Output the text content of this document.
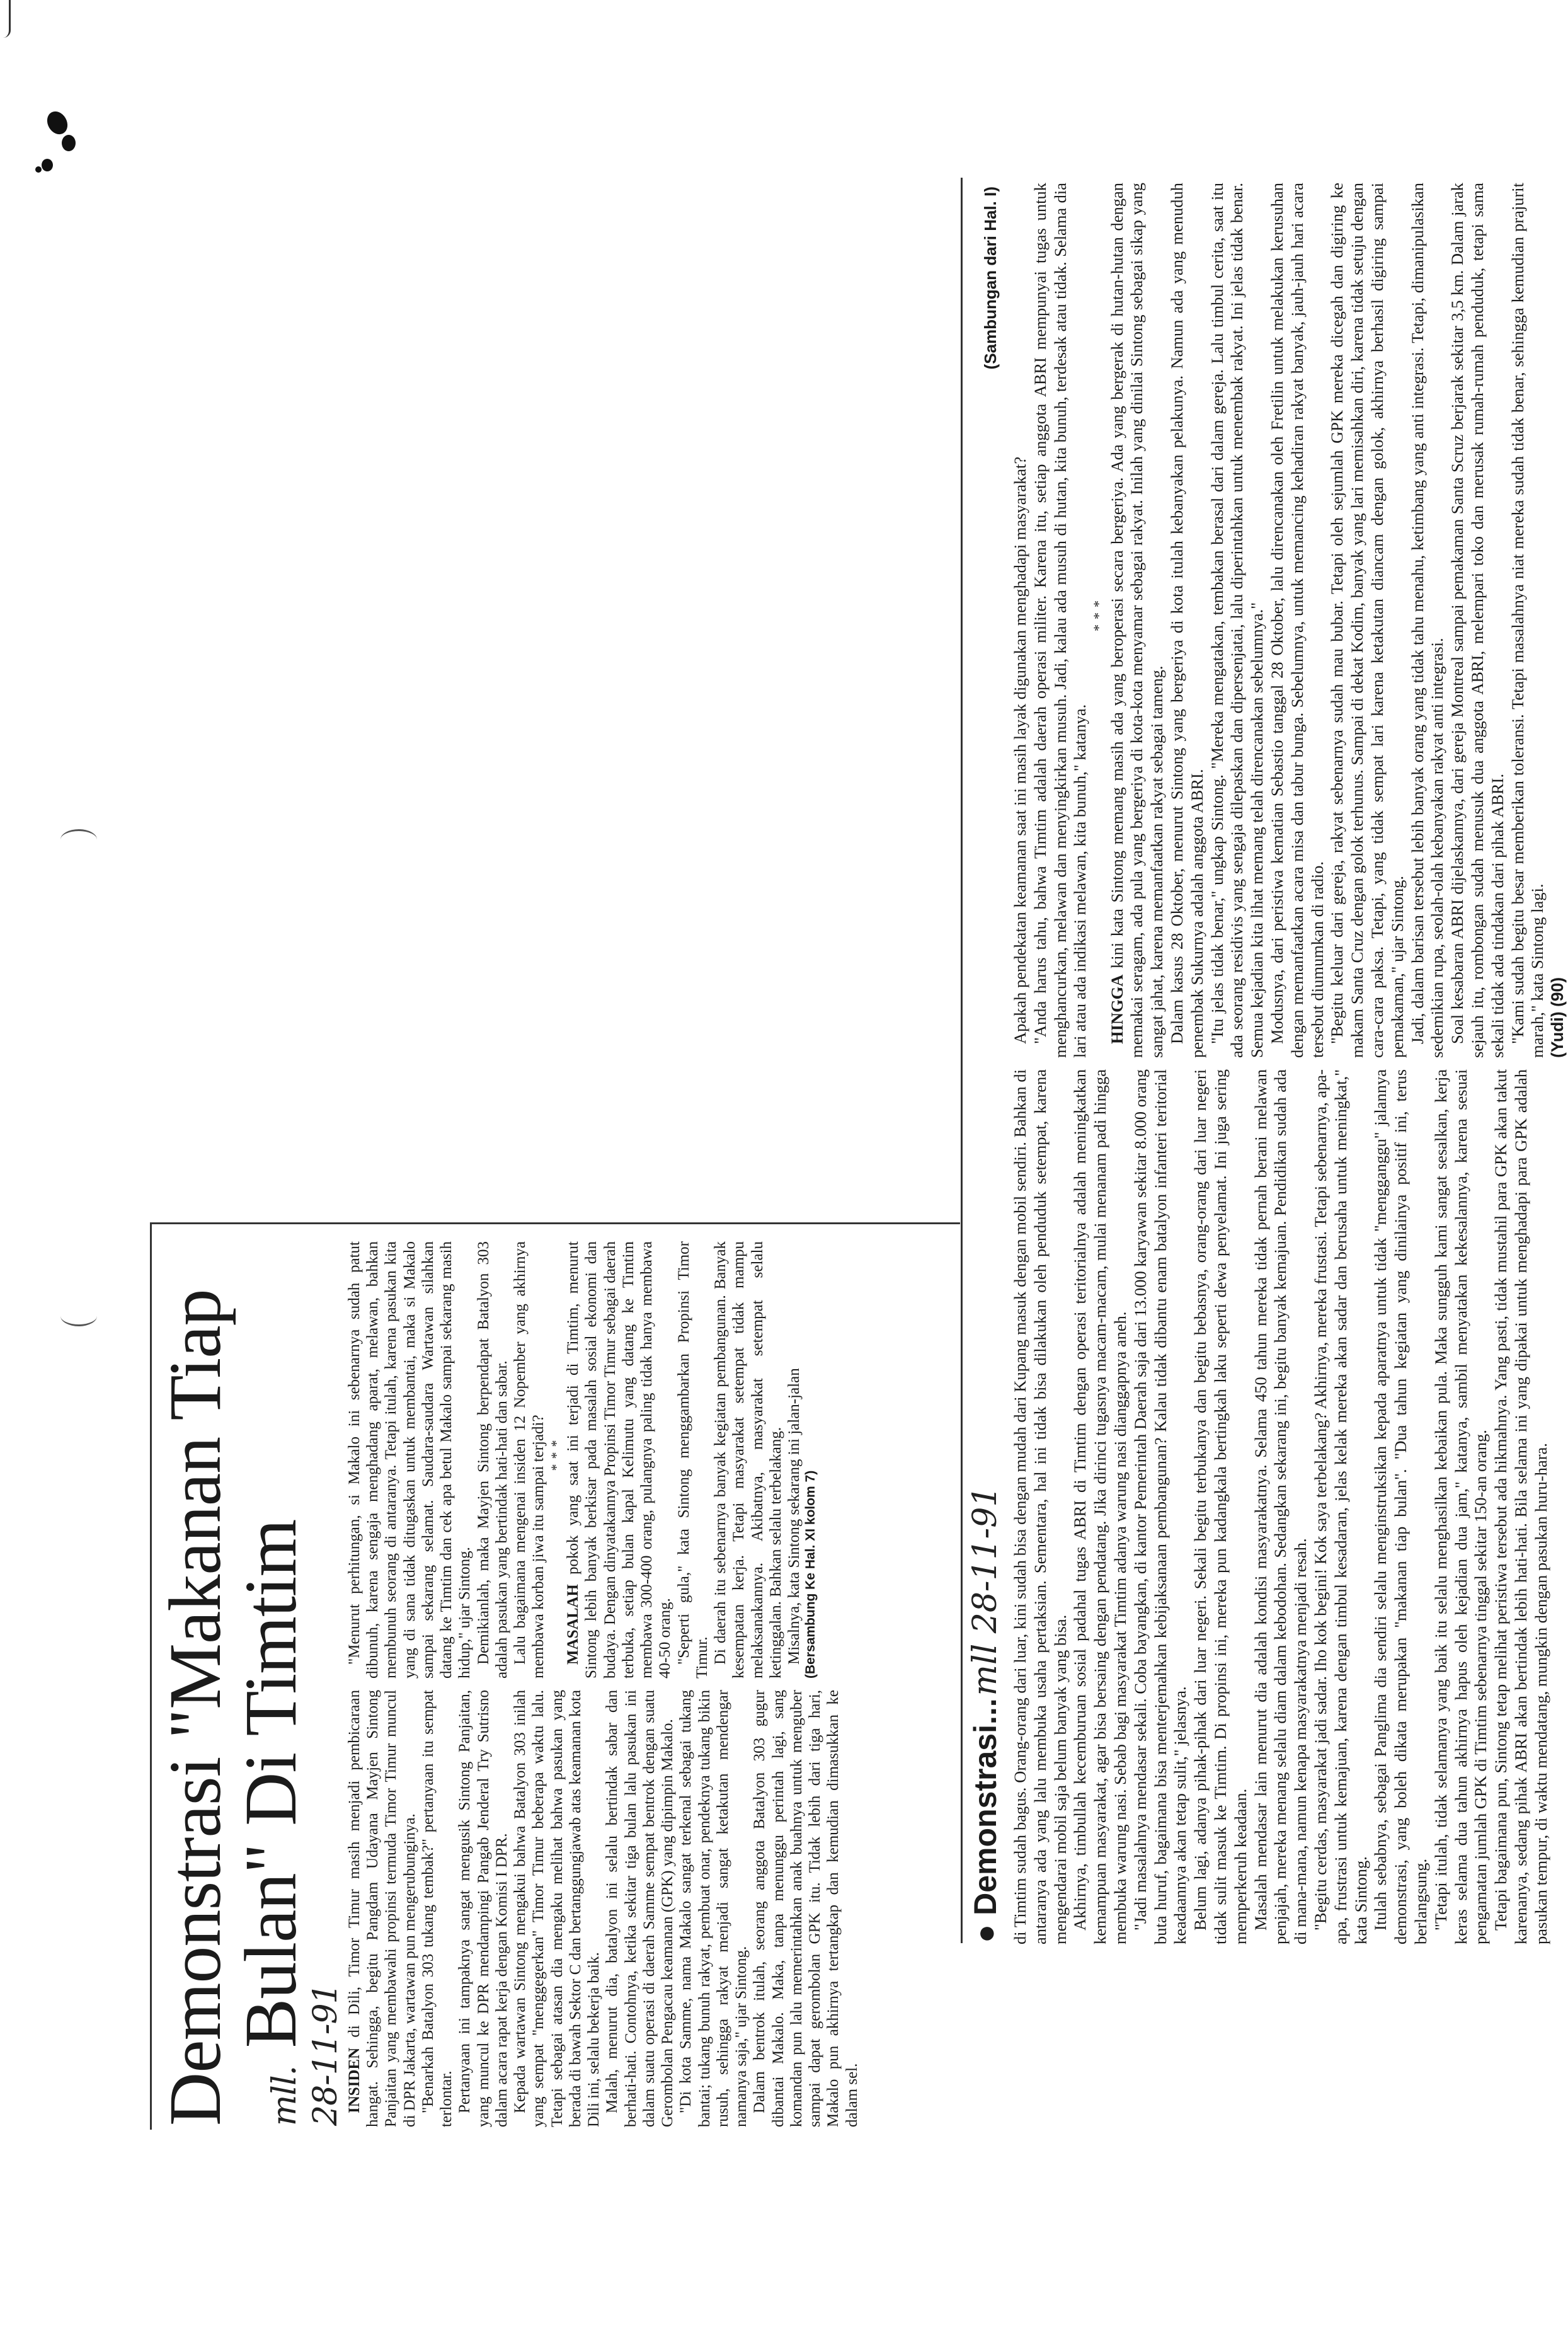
Demonstrasi "Makanan Tiap mll. Bulan" Di Timtim
28-11-91 INSIDEN di Dili, Timor Timur masih menjadi pembicaraan hangat. Sehingga, begitu Pangdam Udayana Mayjen Sintong Panjaitan yang membawahi propinsi termuda Timor Timur muncul di DPR Jakarta, wartawan pun mengerubunginya. "Benarkah Batalyon 303 tukang tembak?" pertanyaan itu sempat terlontar. Pertanyaan ini tampaknya sangat mengusik Sintong Panjaitan, yang muncul ke DPR mendampingi Pangab Jenderal Try Sutrisno dalam acara rapat kerja dengan Komisi I DPR. Kepada wartawan Sintong mengakui bahwa Batalyon 303 inilah yang sempat "menggegerkan" Timor Timur beberapa waktu lalu. Tetapi sebagai atasan dia mengaku melihat bahwa pasukan yang berada di bawah Sektor C dan bertanggungjawab atas keamanan kota Dili ini, selalu bekerja baik. Malah, menurut dia, batalyon ini selalu bertindak sabar dan berhati-hati. Contohnya, ketika sekitar tiga bulan lalu pasukan ini dalam suatu operasi di daerah Samme sempat bentrok dengan suatu Gerombolan Pengacau keamanan (GPK) yang dipimpin Makalo. "Di kota Samme, nama Makalo sangat terkenal sebagai tukang bantai; tukang bunuh rakyat, pembuat onar, pendeknya tukang bikin rusuh, sehingga rakyat menjadi sangat ketakutan mendengar namanya saja," ujar Sintong. Dalam bentrok itulah, seorang anggota Batalyon 303 gugur dibantai Makalo. Maka, tanpa menunggu perintah lagi, sang komandan pun lalu memerintahkan anak buahnya untuk menguber sampai dapat gerombolan GPK itu. Tidak lebih dari tiga hari, Makalo pun akhirnya tertangkap dan kemudian dimasukkan ke dalam sel.

"Menurut perhitungan, si Makalo ini sebenarnya sudah patut dibunuh, karena sengaja menghadang aparat, melawan, bahkan membunuh seorang di antaranya. Tetapi itulah, karena pasukan kita yang di sana tidak ditugaskan untuk membantai, maka si Makalo sampai sekarang selamat. Saudara-saudara Wartawan silahkan datang ke Timtim dan cek apa betul Makalo sampai sekarang masih hidup," ujar Sintong. Demikianlah, maka Mayjen Sintong berpendapat Batalyon 303 adalah pasukan yang bertindak hati-hati dan sabar. Lalu bagaimana mengenai insiden 12 Nopember yang akhirnya membawa korban jiwa itu sampai terjadi? ***

MASALAH pokok yang saat ini terjadi di Timtim, menurut Sintong lebih banyak berkisar pada masalah sosial ekonomi dan budaya. Dengan dinyatakannya Propinsi Timor Timur sebagai daerah terbuka, setiap bulan kapal Kelimutu yang datang ke Timtim membawa 300-400 orang, pulangnya paling tidak hanya membawa 40-50 orang. "Seperti gula," kata Sintong menggambarkan Propinsi Timor Timur. Di daerah itu sebenarnya banyak kegiatan pembangunan. Banyak kesempatan kerja. Tetapi masyarakat setempat tidak mampu melaksanakannya. Akibatnya, masyarakat setempat selalu ketinggalan. Bahkan selalu terbelakang. Misalnya, kata Sintong sekarang ini jalan-jalan (Bersambung Ke Hal. XI kolom 7)

● Demonstrasi... mll 28-11-91
(Sambungan dari Hal. I)

di Timtim sudah bagus. Orang-orang dari luar, kini sudah bisa dengan mudah dari Kupang masuk dengan mobil sendiri. Bahkan di antaranya ada yang lalu membuka usaha pertaksian. Sementara, hal ini tidak bisa dilakukan oleh penduduk setempat, karena mengendarai mobil saja belum banyak yang bisa. Akhirnya, timbullah kecemburuan sosial padahal tugas ABRI di Timtim dengan operasi teritorialnya adalah meningkatkan kemampuan masyarakat, agar bisa bersaing dengan pendatang. Jika dirinci tugasnya macam-macam, mulai menanam padi hingga membuka warung nasi. Sebab bagi masyarakat Timtim adanya warung nasi dianggapnya aneh. "Jadi masalahnya mendasar sekali. Coba bayangkan, di kantor Pemerintah Daerah saja dari 13.000 karyawan sekitar 8.000 orang buta huruf, bagaimana bisa menterjemahkan kebijaksanaan pembangunan? Kalau tidak dibantu enam batalyon infanteri teritorial keadaannya akan tetap sulit," jelasnya. Belum lagi, adanya pihak-pihak dari luar negeri. Sekali begitu terbukanya dan begitu bebasnya, orang-orang dari luar negeri tidak sulit masuk ke Timtim. Di propinsi ini, mereka pun kadangkala bertingkah laku seperti dewa penyelamat. Ini juga sering memperkeruh keadaan. Masalah mendasar lain menurut dia adalah kondisi masyarakatnya. Selama 450 tahun mereka tidak pernah berani melawan penjajah, mereka menang selalu diam dalam kebodohan. Sedangkan sekarang ini, begitu banyak kemajuan. Pendidikan sudah ada di mana-mana, namun kenapa masyarakatnya menjadi resah. "Begitu cerdas, masyarakat jadi sadar. Iho kok begini! Kok saya terbelakang? Akhirnya, mereka frustasi. Tetapi sebenarnya, apa-apa, frustrasi untuk kemajuan, karena dengan timbul kesadaran, jelas kelak mereka akan sadar dan berusaha untuk meningkat," kata Sintong. Itulah sebabnya, sebagai Panglima dia sendiri selalu menginstruksikan kepada aparatnya untuk tidak "mengganggu" jalannya demonstrasi, yang boleh dikata merupakan "makanan tiap bulan". "Dua tahun kegiatan yang dinilainya positif ini, terus berlangsung. "Tetapi itulah, tidak selamanya yang baik itu selalu menghasilkan kebaikan pula. Maka sungguh kami sangat sesalkan, kerja keras selama dua tahun akhirnya hapus oleh kejadian dua jam," katanya, sambil menyatakan kekesalannya, karena sesuai pengamatan jumlah GPK di Timtim sebenarnya tinggal sekitar 150-an orang. Tetapi bagaimana pun, Sintong tetap melihat peristiwa tersebut ada hikmahnya. Yang pasti, tidak mustahil para GPK akan takut karenanya, sedang pihak ABRI akan bertindak lebih hati-hati. Bila selama ini yang dipakai untuk menghadapi para GPK adalah pasukan tempur, di waktu mendatang, mungkin dengan pasukan huru-hara.

Apakah pendekatan keamanan saat ini masih layak digunakan menghadapi masyarakat? "Anda harus tahu, bahwa Timtim adalah daerah operasi militer. Karena itu, setiap anggota ABRI mempunyai tugas untuk menghancurkan, melawan dan menyingkirkan musuh. Jadi, kalau ada musuh di hutan, kita bunuh, terdesak atau tidak. Selama dia lari atau ada indikasi melawan, kita bunuh," katanya.

***

HINGGA kini kata Sintong memang masih ada yang beroperasi secara bergeriya. Ada yang bergerak di hutan-hutan dengan memakai seragam, ada pula yang bergeriya di kota-kota menyamar sebagai rakyat. Inilah yang dinilai Sintong sebagai sikap yang sangat jahat, karena memanfaatkan rakyat sebagai tameng. Dalam kasus 28 Oktober, menurut Sintong yang bergeriya di kota itulah kebanyakan pelakunya. Namun ada yang menuduh penembak Sukurnya adalah anggota ABRI. "Itu jelas tidak benar," ungkap Sintong. "Mereka mengatakan, tembakan berasal dari dalam gereja. Lalu timbul cerita, saat itu ada seorang residivis yang sengaja dilepaskan dan dipersenjatai, lalu diperintahkan untuk menembak rakyat. Ini jelas tidak benar. Semua kejadian kita lihat memang telah direncanakan sebelumnya." Modusnya, dari peristiwa kematian Sebastio tanggal 28 Oktober, lalu direncanakan oleh Fretilin untuk melakukan kerusuhan dengan memanfaatkan acara misa dan tabur bunga. Sebelumnya, untuk memancing kehadiran rakyat banyak, jauh-jauh hari acara tersebut diumumkan di radio. "Begitu keluar dari gereja, rakyat sebenarnya sudah mau bubar. Tetapi oleh sejumlah GPK mereka dicegah dan digiring ke makam Santa Cruz dengan golok terhunus. Sampai di dekat Kodim, banyak yang lari memisahkan diri, karena tidak setuju dengan cara-cara paksa. Tetapi, yang tidak sempat lari karena ketakutan diancam dengan golok, akhirnya berhasil digiring sampai pemakaman," ujar Sintong. Jadi, dalam barisan tersebut lebih banyak orang yang tidak tahu menahu, ketimbang yang anti integrasi. Tetapi, dimanipulasikan sedemikian rupa, seolah-olah kebanyakan rakyat anti integrasi. Soal kesabaran ABRI dijelaskannya, dari gereja Montreal sampai pemakaman Santa Scruz berjarak sekitar 3,5 km. Dalam jarak sejauh itu, rombongan sudah menusuk dua anggota ABRI, melempari toko dan merusak rumah-rumah penduduk, tetapi sama sekali tidak ada tindakan dari pihak ABRI. "Kami sudah begitu besar memberikan toleransi. Tetapi masalahnya niat mereka sudah tidak benar, sehingga kemudian prajurit marah," kata Sintong lagi. (Yudi) (90)
